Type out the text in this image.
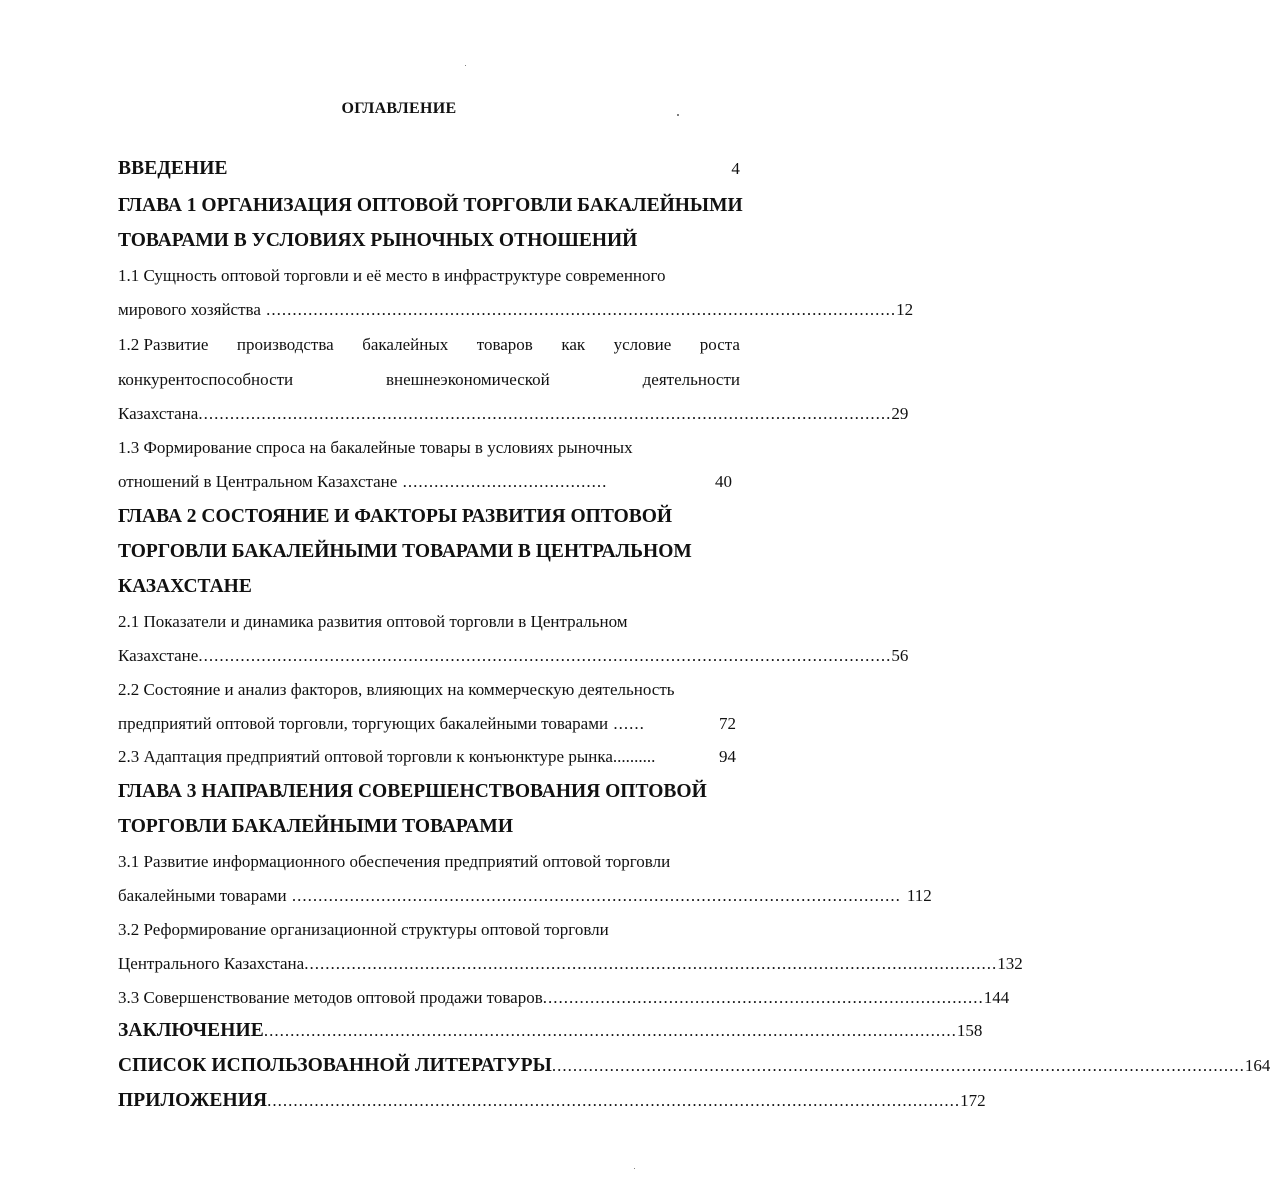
ОГЛАВЛЕНИЕ
ВВЕДЕНИЕ	4
ГЛАВА 1 ОРГАНИЗАЦИЯ ОПТОВОЙ ТОРГОВЛИ БАКАЛЕЙНЫМИ
ТОВАРАМИ В УСЛОВИЯХ РЫНОЧНЫХ ОТНОШЕНИЙ
1.1 Сущность оптовой торговли и её место в инфраструктуре современного
мирового хозяйства ........................................................................................................................ 12
1.2 Развитие производства бакалейных товаров как условие роста
конкурентоспособности	внешнеэкономической	деятельности
Казахстана .................................................................................................................................... 29
1.3 Формирование спроса на бакалейные товары в условиях рыночных
отношений в Центральном Казахстане .......................................	40
ГЛАВА 2 СОСТОЯНИЕ И ФАКТОРЫ РАЗВИТИЯ ОПТОВОЙ
ТОРГОВЛИ БАКАЛЕЙНЫМИ ТОВАРАМИ В ЦЕНТРАЛЬНОМ
КАЗАХСТАНЕ
2.1 Показатели и динамика развития оптовой торговли в Центральном
Казахстане .................................................................................................................................... 56
2.2 Состояние и анализ факторов, влияющих на коммерческую деятельность
предприятий оптовой торговли, торгующих бакалейными товарами ......	72
2.3 Адаптация предприятий оптовой торговли к конъюнктуре рынка ..........	94
ГЛАВА 3 НАПРАВЛЕНИЯ СОВЕРШЕНСТВОВАНИЯ ОПТОВОЙ
ТОРГОВЛИ БАКАЛЕЙНЫМИ ТОВАРАМИ
3.1 Развитие информационного обеспечения предприятий оптовой торговли
бакалейными товарами .................................................................................................................... 112
3.2 Реформирование организационной структуры оптовой торговли
Центрального Казахстана .................................................................................................................................... 132
3.3 Совершенствование методов оптовой продажи товаров .................................................................................... 144
ЗАКЛЮЧЕНИЕ .................................................................................................................................... 158
СПИСОК ИСПОЛЬЗОВАННОЙ ЛИТЕРАТУРЫ .................................................................................................................................... 164
ПРИЛОЖЕНИЯ .................................................................................................................................... 172
